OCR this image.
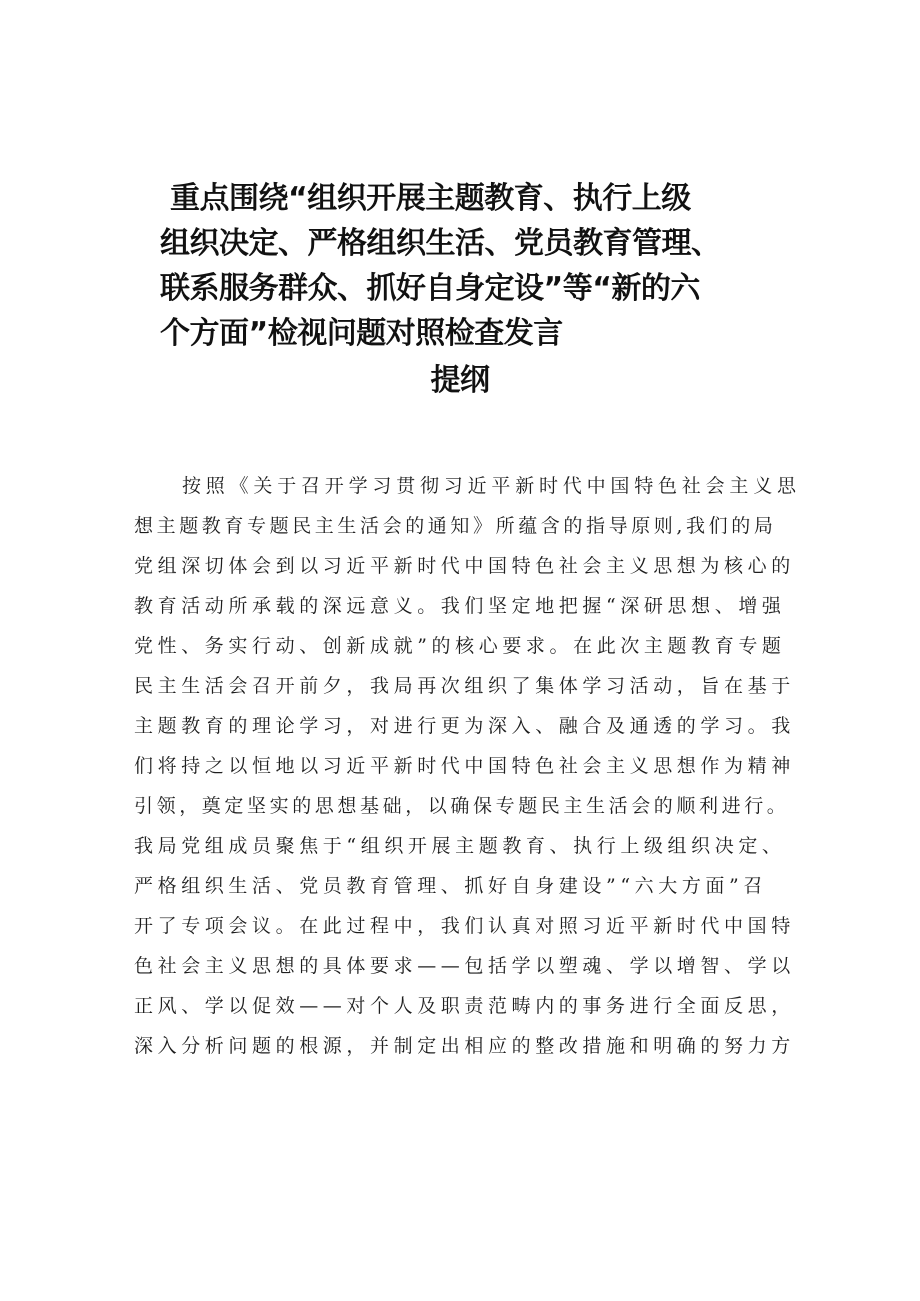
重点围绕“组织开展主题教育、执行上级
组织决定、严格组织生活、党员教育管理、
联系服务群众、抓好自身定设”等“新的六
个方面”检视问题对照检查发言
提纲
按照《关于召开学习贯彻习近平新时代中国特色社会主义思
想主题教育专题民主生活会的通知》所蕴含的指导原则,我们的局
党组深切体会到以习近平新时代中国特色社会主义思想为核心的
教育活动所承载的深远意义。我们坚定地把握“深研思想、增强
党性、务实行动、创新成就”的核心要求。在此次主题教育专题
民主生活会召开前夕，我局再次组织了集体学习活动，旨在基于
主题教育的理论学习，对进行更为深入、融合及通透的学习。我
们将持之以恒地以习近平新时代中国特色社会主义思想作为精神
引领，奠定坚实的思想基础，以确保专题民主生活会的顺利进行。
我局党组成员聚焦于“组织开展主题教育、执行上级组织决定、
严格组织生活、党员教育管理、抓好自身建设”“六大方面”召
开了专项会议。在此过程中，我们认真对照习近平新时代中国特
色社会主义思想的具体要求——包括学以塑魂、学以增智、学以
正风、学以促效——对个人及职责范畴内的事务进行全面反思，
深入分析问题的根源，并制定出相应的整改措施和明确的努力方
